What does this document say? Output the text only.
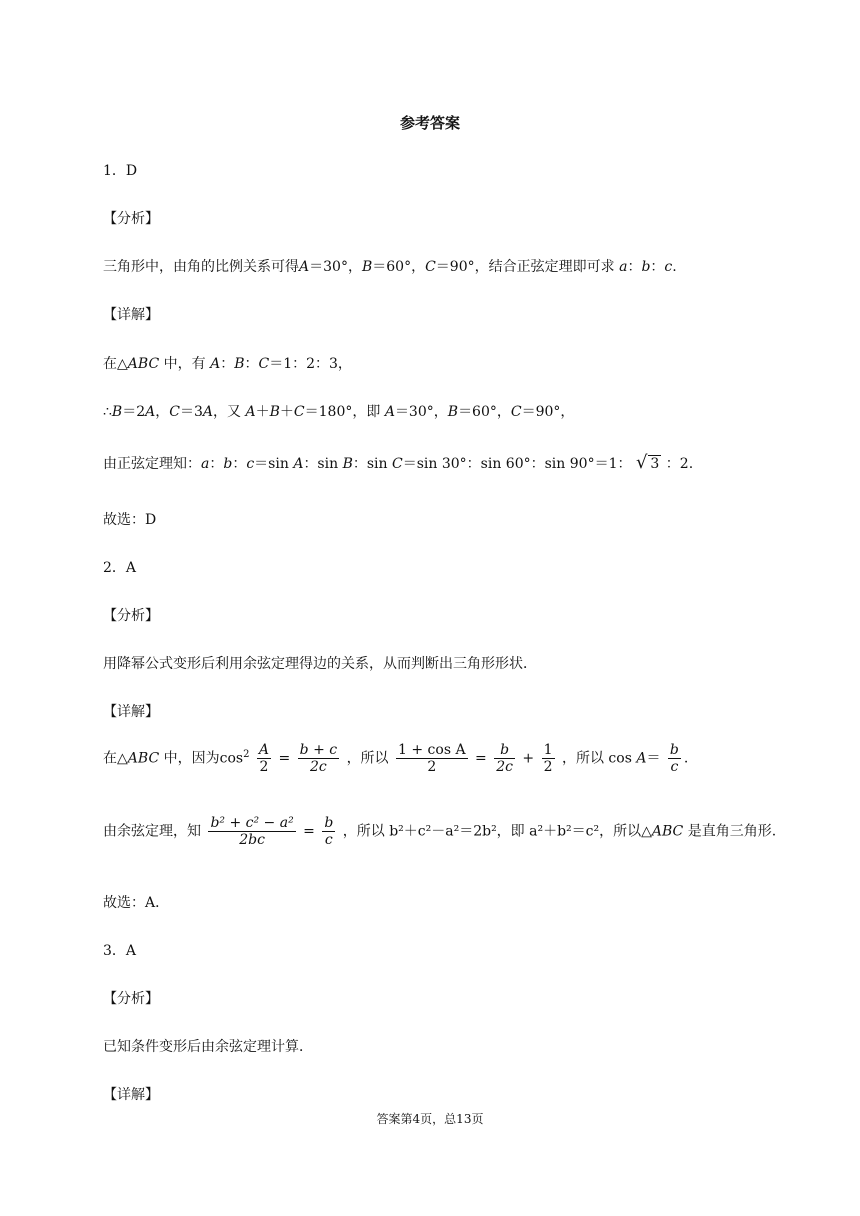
参考答案
1．D
【分析】
三角形中，由角的比例关系可得A＝30°，B＝60°，C＝90°，结合正弦定理即可求 a：b：c.
【详解】
在△ABC 中，有 A：B：C＝1：2：3，
∴B＝2A，C＝3A，又 A＋B＋C＝180°，即 A＝30°，B＝60°，C＝90°，
由正弦定理知：a：b：c＝sin A：sin B：sin C＝sin 30°：sin 60°：sin 90°＝1： √ 3 ：2.
故选：D
2．A
【分析】
用降幂公式变形后利用余弦定理得边的关系，从而判断出三角形形状．
【详解】
在△ABC 中，因为$\cos^2 \frac{A}{2} = \frac{b + c}{2c}$ ，所以 $\frac{\text{1 + cos A}}{2} = \frac{b}{2c} + \frac{1}{2}$ ，所以 $\cos A= \frac{b}{c}$ .
由余弦定理，知 $\frac{\text{b² + c² − a²}}{2bc} = \frac{b}{c}$ ，所以 b²＋c²－a²＝2b²，即 a²＋b²＝c²，所以△ABC 是直角三角形.
故选：A．
3．A
【分析】
已知条件变形后由余弦定理计算．
【详解】
答案第4页，总13页
